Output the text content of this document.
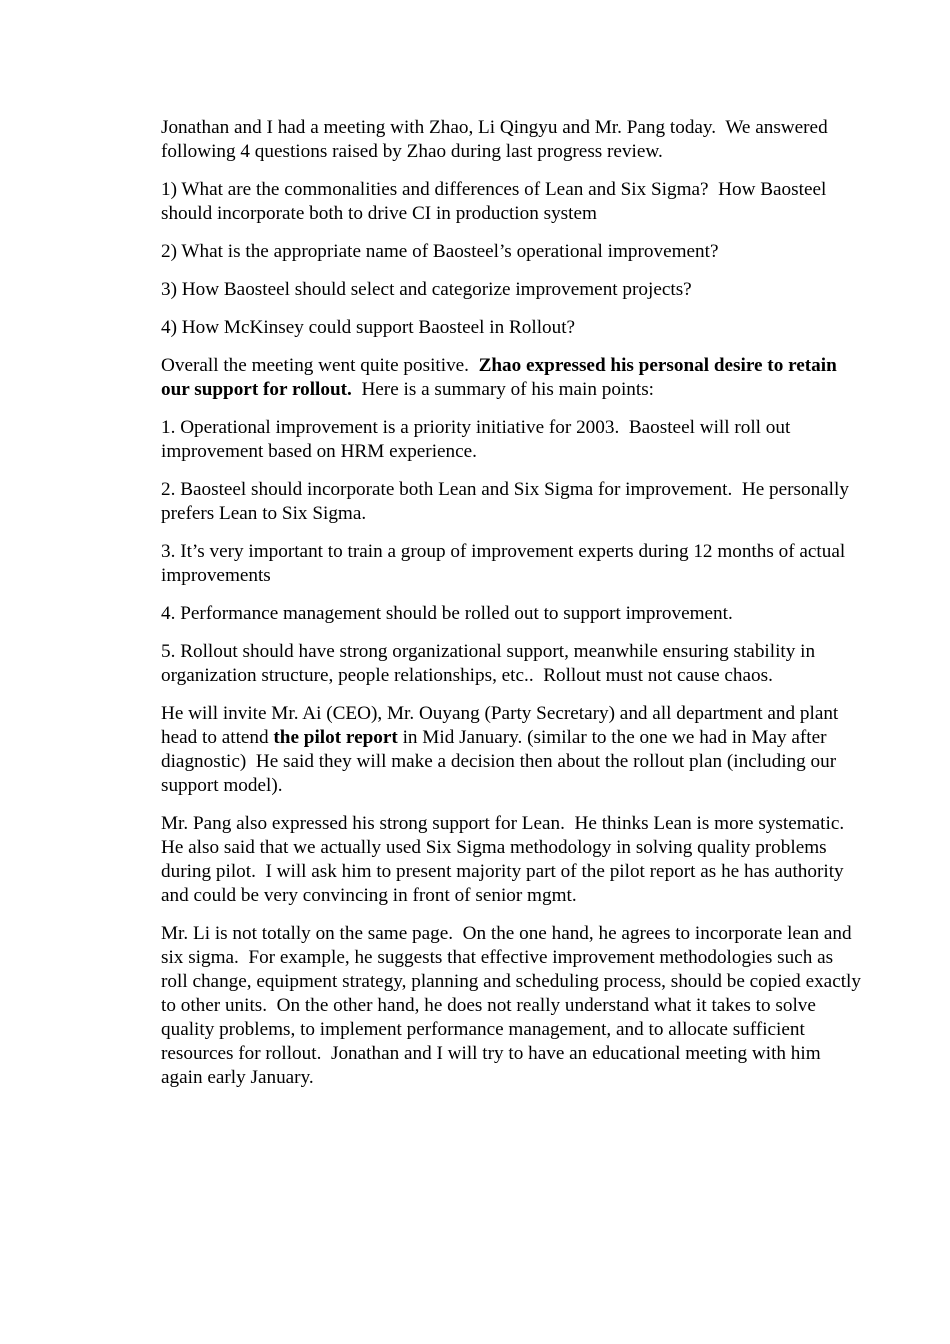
Jonathan and I had a meeting with Zhao, Li Qingyu and Mr. Pang today.  We answered following 4 questions raised by Zhao during last progress review.

1) What are the commonalities and differences of Lean and Six Sigma?  How Baosteel should incorporate both to drive CI in production system

2) What is the appropriate name of Baosteel’s operational improvement?

3) How Baosteel should select and categorize improvement projects?

4) How McKinsey could support Baosteel in Rollout?

Overall the meeting went quite positive.  Zhao expressed his personal desire to retain our support for rollout.  Here is a summary of his main points:

1. Operational improvement is a priority initiative for 2003.  Baosteel will roll out improvement based on HRM experience.

2. Baosteel should incorporate both Lean and Six Sigma for improvement.  He personally prefers Lean to Six Sigma.

3. It’s very important to train a group of improvement experts during 12 months of actual improvements

4. Performance management should be rolled out to support improvement.

5. Rollout should have strong organizational support, meanwhile ensuring stability in organization structure, people relationships, etc..  Rollout must not cause chaos.

He will invite Mr. Ai (CEO), Mr. Ouyang (Party Secretary) and all department and plant head to attend the pilot report in Mid January. (similar to the one we had in May after diagnostic)  He said they will make a decision then about the rollout plan (including our support model).

Mr. Pang also expressed his strong support for Lean.  He thinks Lean is more systematic.  He also said that we actually used Six Sigma methodology in solving quality problems during pilot.  I will ask him to present majority part of the pilot report as he has authority and could be very convincing in front of senior mgmt.

Mr. Li is not totally on the same page.  On the one hand, he agrees to incorporate lean and six sigma.  For example, he suggests that effective improvement methodologies such as roll change, equipment strategy, planning and scheduling process, should be copied exactly to other units.  On the other hand, he does not really understand what it takes to solve quality problems, to implement performance management, and to allocate sufficient resources for rollout.  Jonathan and I will try to have an educational meeting with him again early January.
